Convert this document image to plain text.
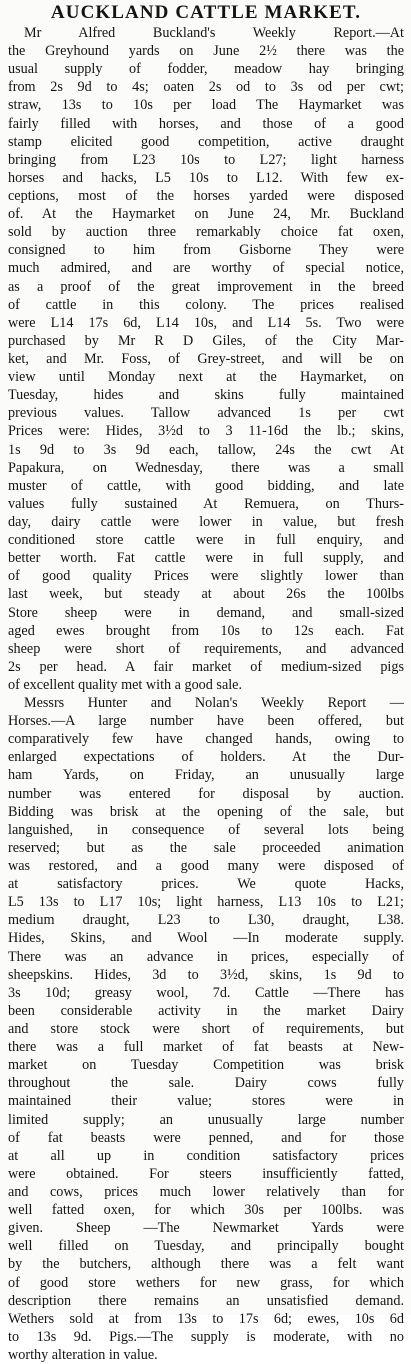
AUCKLAND CATTLE MARKET.
Mr Alfred Buckland's Weekly Report.—At
the Greyhound yards on June 2½ there was the
usual supply of fodder, meadow hay bringing
from 2s 9d to 4s; oaten 2s od to 3s od per cwt;
straw, 13s to 10s per load The Haymarket was
fairly filled with horses, and those of a good
stamp elicited good competition, active draught
bringing from L23 10s to L27; light harness
horses and hacks, L5 10s to L12. With few ex-
ceptions, most of the horses yarded were disposed
of. At the Haymarket on June 24, Mr. Buckland
sold by auction three remarkably choice fat oxen,
consigned to him from Gisborne They were
much admired, and are worthy of special notice,
as a proof of the great improvement in the breed
of cattle in this colony. The prices realised
were L14 17s 6d, L14 10s, and L14 5s. Two were
purchased by Mr R D Giles, of the City Mar-
ket, and Mr. Foss, of Grey-street, and will be on
view until Monday next at the Haymarket, on
Tuesday, hides and skins fully maintained
previous values. Tallow advanced 1s per cwt
Prices were: Hides, 3½d to 3 11-16d the lb.; skins,
1s 9d to 3s 9d each, tallow, 24s the cwt At
Papakura, on Wednesday, there was a small
muster of cattle, with good bidding, and late
values fully sustained At Remuera, on Thurs-
day, dairy cattle were lower in value, but fresh
conditioned store cattle were in full enquiry, and
better worth. Fat cattle were in full supply, and
of good quality Prices were slightly lower than
last week, but steady at about 26s the 100lbs
Store sheep were in demand, and small-sized
aged ewes brought from 10s to 12s each. Fat
sheep were short of requirements, and advanced
2s per head. A fair market of medium-sized pigs
of excellent quality met with a good sale.
Messrs Hunter and Nolan's Weekly Report —
Horses.—A large number have been offered, but
comparatively few have changed hands, owing to
enlarged expectations of holders. At the Dur-
ham Yards, on Friday, an unusually large
number was entered for disposal by auction.
Bidding was brisk at the opening of the sale, but
languished, in consequence of several lots being
reserved; but as the sale proceeded animation
was restored, and a good many were disposed of
at satisfactory prices. We quote Hacks,
L5 13s to L17 10s; light harness, L13 10s to L21;
medium draught, L23 to L30, draught, L38.
Hides, Skins, and Wool —In moderate supply.
There was an advance in prices, especially of
sheepskins. Hides, 3d to 3½d, skins, 1s 9d to
3s 10d; greasy wool, 7d. Cattle —There has
been considerable activity in the market Dairy
and store stock were short of requirements, but
there was a full market of fat beasts at New-
market on Tuesday Competition was brisk
throughout the sale. Dairy cows fully
maintained their value; stores were in
limited supply; an unusually large number
of fat beasts were penned, and for those
at all up in condition satisfactory prices
were obtained. For steers insufficiently fatted,
and cows, prices much lower relatively than for
well fatted oxen, for which 30s per 100lbs. was
given. Sheep —The Newmarket Yards were
well filled on Tuesday, and principally bought
by the butchers, although there was a felt want
of good store wethers for new grass, for which
description there remains an unsatisfied demand.
Wethers sold at from 13s to 17s 6d; ewes, 10s 6d
to 13s 9d. Pigs.—The supply is moderate, with no
worthy alteration in value.
